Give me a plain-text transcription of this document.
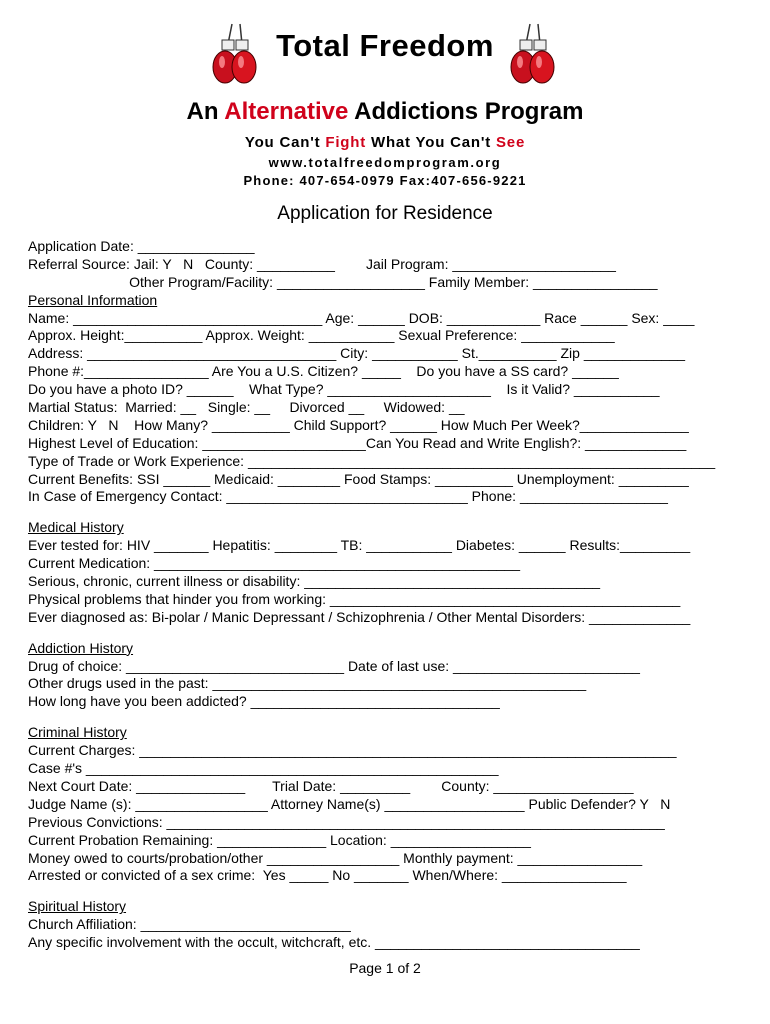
Total Freedom
An Alternative Addictions Program
You Can't Fight What You Can't See
www.totalfreedomprogram.org
Phone: 407-654-0979 Fax:407-656-9221
Application for Residence
Application Date: _______________
Referral Source: Jail: Y   N   County: __________        Jail Program: _____________________
Other Program/Facility: ___________________ Family Member: ________________
Personal Information
Name: ________________________________ Age: ______ DOB: ____________ Race ______ Sex: ____
Approx. Height:__________ Approx. Weight: ___________ Sexual Preference: ____________
Address: ________________________________ City: ___________ St.__________ Zip _____________
Phone #:________________ Are You a U.S. Citizen? _____    Do you have a SS card? ______
Do you have a photo ID? ______    What Type? _____________________    Is it Valid? ___________
Martial Status:  Married: __   Single: __     Divorced __     Widowed: __
Children: Y   N    How Many? __________ Child Support? ______ How Much Per Week?______________
Highest Level of Education: _____________________Can You Read and Write English?: _____________
Type of Trade or Work Experience: ____________________________________________________________
Current Benefits: SSI ______ Medicaid: ________ Food Stamps: __________ Unemployment: _________
In Case of Emergency Contact: _______________________________ Phone: ___________________
Medical History
Ever tested for: HIV _______ Hepatitis: ________ TB: ___________ Diabetes: ______ Results:_________
Current Medication: _______________________________________________
Serious, chronic, current illness or disability: ______________________________________
Physical problems that hinder you from working: _____________________________________________
Ever diagnosed as: Bi-polar / Manic Depressant / Schizophrenia / Other Mental Disorders: _____________
Addiction History
Drug of choice: ____________________________ Date of last use: ________________________
Other drugs used in the past: ________________________________________________
How long have you been addicted? ________________________________
Criminal History
Current Charges: _____________________________________________________________________
Case #'s _____________________________________________________
Next Court Date: ______________       Trial Date: _________        County: __________________
Judge Name (s): _________________ Attorney Name(s) __________________ Public Defender? Y   N
Previous Convictions: ________________________________________________________________
Current Probation Remaining: ______________ Location: __________________
Money owed to courts/probation/other _________________ Monthly payment: ________________
Arrested or convicted of a sex crime:  Yes _____ No _______ When/Where: ________________
Spiritual History
Church Affiliation: ___________________________
Any specific involvement with the occult, witchcraft, etc. __________________________________
Page 1 of 2
